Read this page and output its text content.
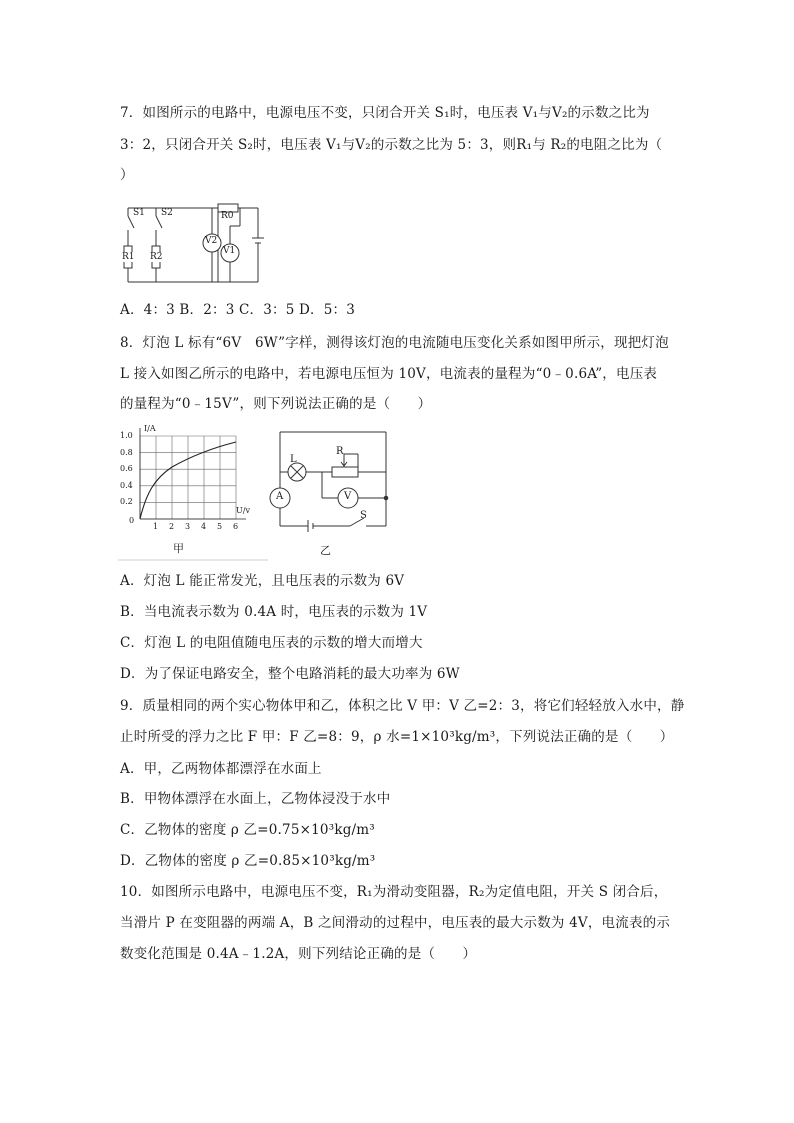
7．如图所示的电路中，电源电压不变，只闭合开关 S₁时，电压表 V₁与V₂的示数之比为
3：2，只闭合开关 S₂时，电压表 V₁与V₂的示数之比为 5：3，则R₁与 R₂的电阻之比为（
）
S1 S2	R0
R1 R2
V2
V1
A．4：3 B．2：3 C．3：5 D．5：3
8．灯泡 L 标有“6V　6W”字样，测得该灯泡的电流随电压变化关系如图甲所示，现把灯泡
L 接入如图乙所示的电路中，若电源电压恒为 10V，电流表的量程为“0﹣0.6A”，电压表
的量程为“0﹣15V”，则下列说法正确的是（　　）
I/A
U/v
1.0
0.8
0.6
0.4
0.2
0
1 2 3 4 5 6
甲
L
R
A	V
S
乙
A．灯泡 L 能正常发光，且电压表的示数为 6V
B．当电流表示数为 0.4A 时，电压表的示数为 1V
C．灯泡 L 的电阻值随电压表的示数的增大而增大
D．为了保证电路安全，整个电路消耗的最大功率为 6W
9．质量相同的两个实心物体甲和乙，体积之比 V 甲：V 乙=2：3，将它们轻轻放入水中，静
止时所受的浮力之比 F 甲：F 乙=8：9，ρ 水=1×10³kg/m³，下列说法正确的是（　　）
A．甲，乙两物体都漂浮在水面上
B．甲物体漂浮在水面上，乙物体浸没于水中
C．乙物体的密度 ρ 乙=0.75×10³kg/m³
D．乙物体的密度 ρ 乙=0.85×10³kg/m³
10．如图所示电路中，电源电压不变，R₁为滑动变阻器，R₂为定值电阻，开关 S 闭合后，
当滑片 P 在变阻器的两端 A，B 之间滑动的过程中，电压表的最大示数为 4V，电流表的示
数变化范围是 0.4A﹣1.2A，则下列结论正确的是（　　）
